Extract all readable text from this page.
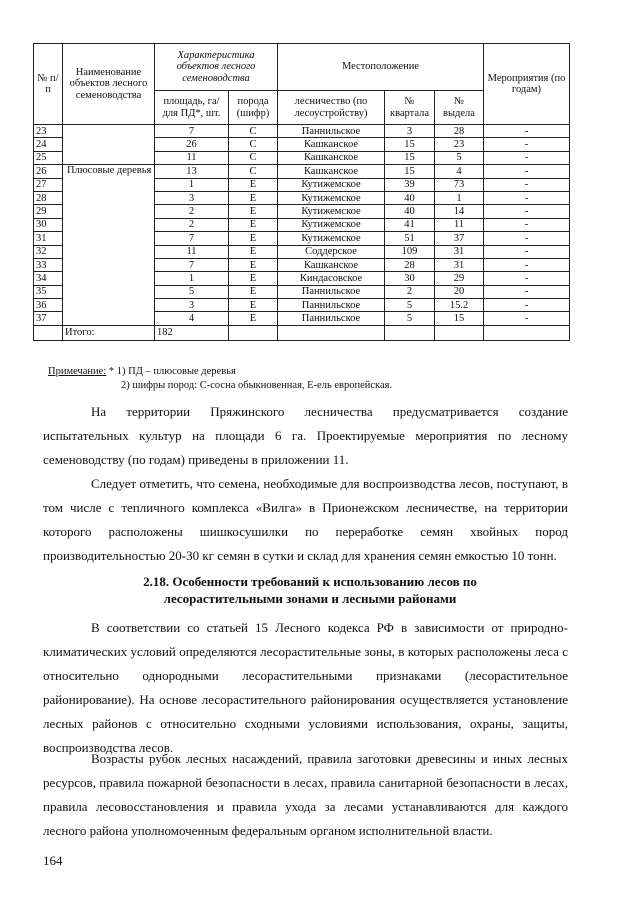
№ п/п	Наименование объектов лесного семеноводства	Характеристика объектов лесного семеноводства		Местоположение			Мероприятия (по годам)
		площадь, га/ для ПД*, шт.	порода (шифр)	лесничество (по лесоустройству)	№ квартала	№ выдела	
23		7	С	Паннильское	3	28	-
24		26	С	Кашканское	15	23	-
25		11	С	Кашканское	15	5	-
26	Плюсовые деревья	13	С	Кашканское	15	4	-
27		1	Е	Кутижемское	39	73	-
28		3	Е	Кутижемское	40	1	-
29		2	Е	Кутижемское	40	14	-
30		2	Е	Кутижемское	41	11	-
31		7	Е	Кутижемское	51	37	-
32		11	Е	Соддерское	109	31	-
33		7	Е	Кашканское	28	31	-
34		1	Е	Киндасовское	30	29	-
35		5	Е	Паннильское	2	20	-
36		3	Е	Паннильское	5	15.2	-
37		4	Е	Паннильское	5	15	-
	Итого:	182					
Примечание: * 1) ПД – плюсовые деревья
2) шифры пород: С-сосна обыкновенная, Е-ель европейская.

На территории Пряжинского лесничества предусматривается создание испытательных культур на площади 6 га. Проектируемые мероприятия по лесному семеноводству (по годам) приведены в приложении 11.

Следует отметить, что семена, необходимые для воспроизводства лесов, поступают, в том числе с тепличного комплекса «Вилга» в Прионежском лесничестве, на территории которого расположены шишкосушилки по переработке семян хвойных пород производительностью 20-30 кг семян в сутки и склад для хранения семян емкостью 10 тонн.

2.18. Особенности требований к использованию лесов по
лесорастительными зонами и лесными районами

В соответствии со статьей 15 Лесного кодекса РФ в зависимости от природно-климатических условий определяются лесорастительные зоны, в которых расположены леса с относительно однородными лесорастительными признаками (лесорастительное районирование). На основе лесорастительного районирования осуществляется установление лесных районов с относительно сходными условиями использования, охраны, защиты, воспроизводства лесов.

Возрасты рубок лесных насаждений, правила заготовки древесины и иных лесных ресурсов, правила пожарной безопасности в лесах, правила санитарной безопасности в лесах, правила лесовосстановления и правила ухода за лесами устанавливаются для каждого лесного района уполномоченным федеральным органом исполнительной власти.

164
